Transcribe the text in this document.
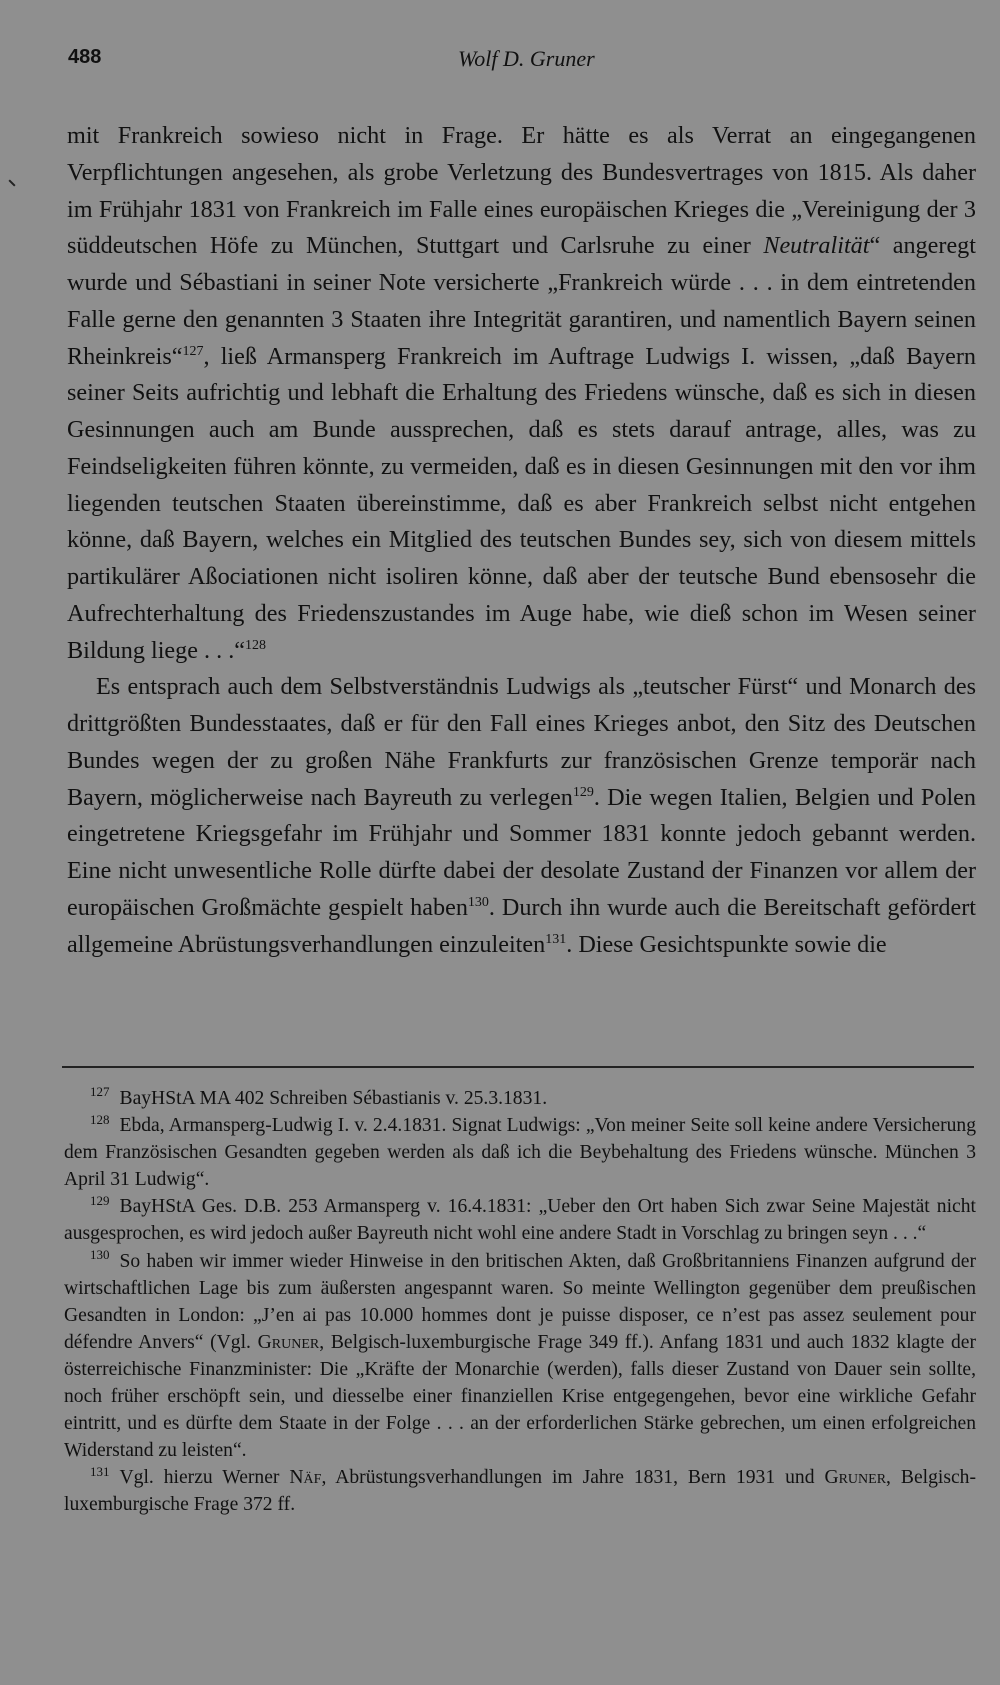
488	Wolf D. Gruner

mit Frankreich sowieso nicht in Frage. Er hätte es als Verrat an eingegangenen Verpflichtungen angesehen, als grobe Verletzung des Bundesvertrages von 1815. Als daher im Frühjahr 1831 von Frankreich im Falle eines europäischen Krieges die „Vereinigung der 3 süddeutschen Höfe zu München, Stuttgart und Carlsruhe zu einer Neutralität“ angeregt wurde und Sébastiani in seiner Note versicherte „Frankreich würde . . . in dem eintretenden Falle gerne den genannten 3 Staaten ihre Integrität garantiren, und namentlich Bayern seinen Rheinkreis“$^{127}$, ließ Armansperg Frankreich im Auftrage Ludwigs I. wissen, „daß Bayern seiner Seits aufrichtig und lebhaft die Erhaltung des Friedens wünsche, daß es sich in diesen Gesinnungen auch am Bunde aussprechen, daß es stets darauf antrage, alles, was zu Feindseligkeiten führen könnte, zu vermeiden, daß es in diesen Gesinnungen mit den vor ihm liegenden teutschen Staaten übereinstimme, daß es aber Frankreich selbst nicht entgehen könne, daß Bayern, welches ein Mitglied des teutschen Bundes sey, sich von diesem mittels partikulärer Aßociationen nicht isoliren könne, daß aber der teutsche Bund ebensosehr die Aufrechterhaltung des Friedenszustandes im Auge habe, wie dieß schon im Wesen seiner Bildung liege . . .“$^{128}$

Es entsprach auch dem Selbstverständnis Ludwigs als „teutscher Fürst“ und Monarch des drittgrößten Bundesstaates, daß er für den Fall eines Krieges anbot, den Sitz des Deutschen Bundes wegen der zu großen Nähe Frankfurts zur französischen Grenze temporär nach Bayern, möglicherweise nach Bayreuth zu verlegen$^{129}$. Die wegen Italien, Belgien und Polen eingetretene Kriegsgefahr im Frühjahr und Sommer 1831 konnte jedoch gebannt werden. Eine nicht unwesentliche Rolle dürfte dabei der desolate Zustand der Finanzen vor allem der europäischen Großmächte gespielt haben$^{130}$. Durch ihn wurde auch die Bereitschaft gefördert allgemeine Abrüstungsverhandlungen einzuleiten$^{131}$. Diese Gesichtspunkte sowie die

$^{127}$ BayHStA MA 402 Schreiben Sébastianis v. 25.3.1831.

$^{128}$ Ebda, Armansperg-Ludwig I. v. 2.4.1831. Signat Ludwigs: „Von meiner Seite soll keine andere Versicherung dem Französischen Gesandten gegeben werden als daß ich die Beybehaltung des Friedens wünsche. München 3 April 31 Ludwig“.

$^{129}$ BayHStA Ges. D.B. 253 Armansperg v. 16.4.1831: „Ueber den Ort haben Sich zwar Seine Majestät nicht ausgesprochen, es wird jedoch außer Bayreuth nicht wohl eine andere Stadt in Vorschlag zu bringen seyn . . .“

$^{130}$ So haben wir immer wieder Hinweise in den britischen Akten, daß Großbritanniens Finanzen aufgrund der wirtschaftlichen Lage bis zum äußersten angespannt waren. So meinte Wellington gegenüber dem preußischen Gesandten in London: „J’en ai pas 10.000 hommes dont je puisse disposer, ce n’est pas assez seulement pour défendre Anvers“ (Vgl. Gruner, Belgisch-luxemburgische Frage 349 ff.). Anfang 1831 und auch 1832 klagte der österreichische Finanzminister: Die „Kräfte der Monarchie (werden), falls dieser Zustand von Dauer sein sollte, noch früher erschöpft sein, und diesselbe einer finanziellen Krise entgegengehen, bevor eine wirkliche Gefahr eintritt, und es dürfte dem Staate in der Folge . . . an der erforderlichen Stärke gebrechen, um einen erfolgreichen Widerstand zu leisten“.

$^{131}$ Vgl. hierzu Werner Näf, Abrüstungsverhandlungen im Jahre 1831, Bern 1931 und Gruner, Belgisch-luxemburgische Frage 372 ff.
